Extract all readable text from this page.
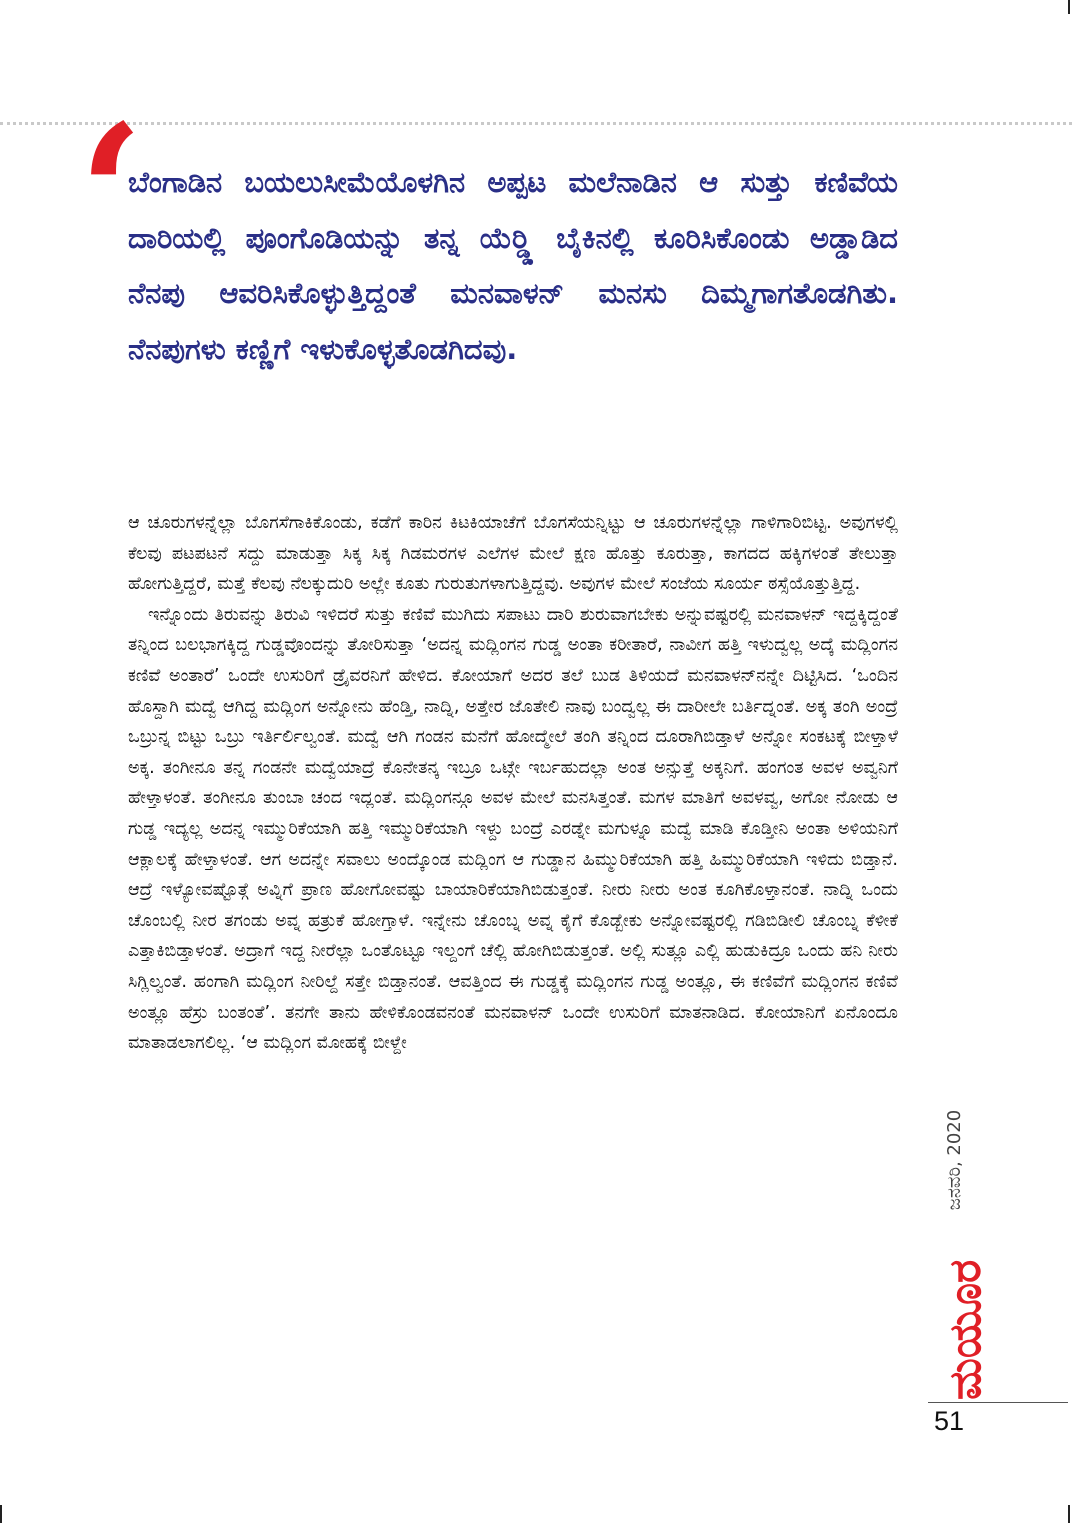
‘

ಬೆಂಗಾಡಿನ ಬಯಲುಸೀಮೆಯೊಳಗಿನ ಅಪ್ಪಟ ಮಲೆನಾಡಿನ ಆ ಸುತ್ತು ಕಣಿವೆಯ ದಾರಿಯಲ್ಲಿ ಪೂಂಗೊಡಿಯನ್ನು ತನ್ನ ಯೆರ್‍ಡ್ಡಿ ಬೈಕಿನಲ್ಲಿ ಕೂರಿಸಿಕೊಂಡು ಅಡ್ಡಾಡಿದ ನೆನಪು ಆವರಿಸಿಕೊಳ್ಳುತ್ತಿದ್ದಂತೆ ಮನವಾಳನ್ ಮನಸು ದಿಮ್ಮಗಾಗತೊಡಗಿತು. ನೆನಪುಗಳು ಕಣ್ಣಿಗೆ ಇಳುಕೊಳ್ಳತೊಡಗಿದವು.

ಆ ಚೂರುಗಳನ್ನೆಲ್ಲಾ ಬೊಗಸೆಗಾಕಿಕೊಂಡು, ಕಡೆಗೆ ಕಾರಿನ ಕಿಟಕಿಯಾಚೆಗೆ ಬೊಗಸೆಯನ್ನಿಟ್ಟು ಆ ಚೂರುಗಳನ್ನೆಲ್ಲಾ ಗಾಳಿಗಾರಿಬಿಟ್ಟ. ಅವುಗಳಲ್ಲಿ ಕೆಲವು ಪಟಪಟನೆ ಸದ್ದು ಮಾಡುತ್ತಾ ಸಿಕ್ಕ ಸಿಕ್ಕ ಗಿಡಮರಗಳ ಎಲೆಗಳ ಮೇಲೆ ಕ್ಷಣ ಹೊತ್ತು ಕೂರುತ್ತಾ, ಕಾಗದದ ಹಕ್ಕಿಗಳಂತೆ ತೇಲುತ್ತಾ ಹೋಗುತ್ತಿದ್ದರೆ, ಮತ್ತೆ ಕೆಲವು ನೆಲಕ್ಕುದುರಿ ಅಲ್ಲೇ ಕೂತು ಗುರುತುಗಳಾಗುತ್ತಿದ್ದವು. ಅವುಗಳ ಮೇಲೆ ಸಂಜೆಯ ಸೂರ್ಯ ಠಸ್ಸೆಯೊತ್ತುತ್ತಿದ್ದ.

ಇನ್ನೊಂದು ತಿರುವನ್ನು ತಿರುವಿ ಇಳಿದರೆ ಸುತ್ತು ಕಣಿವೆ ಮುಗಿದು ಸಪಾಟು ದಾರಿ ಶುರುವಾಗಬೇಕು ಅನ್ನುವಷ್ಟರಲ್ಲಿ ಮನವಾಳನ್ ಇದ್ದಕ್ಕಿದ್ದಂತೆ ತನ್ನಿಂದ ಬಲಭಾಗಕ್ಕಿದ್ದ ಗುಡ್ಡವೊಂದನ್ನು ತೋರಿಸುತ್ತಾ ‘ಅದನ್ನ ಮದ್ಲಿಂಗನ ಗುಡ್ಡ ಅಂತಾ ಕರೀತಾರೆ, ನಾವೀಗ ಹತ್ತಿ ಇಳುದ್ವಲ್ಲ ಅದ್ಕೆ ಮದ್ಲಿಂಗನ ಕಣಿವೆ ಅಂತಾರೆ’ ಒಂದೇ ಉಸುರಿಗೆ ಡ್ರೈವರನಿಗೆ ಹೇಳಿದ. ಕೋಯಾಗೆ ಅದರ ತಲೆ ಬುಡ ತಿಳಿಯದೆ ಮನವಾಳನ್‌ನನ್ನೇ ದಿಟ್ಟಿಸಿದ. ‘ಒಂದಿನ ಹೊಸ್ದಾಗಿ ಮದ್ವೆ ಆಗಿದ್ದ ಮದ್ಲಿಂಗ ಅನ್ನೋನು ಹೆಂಡ್ತಿ, ನಾದ್ನಿ, ಅತ್ತೇರ ಜೊತೇಲಿ ನಾವು ಬಂದ್ವಲ್ಲ ಈ ದಾರೀಲೇ ಬರ್ತಿದ್ನಂತೆ. ಅಕ್ಕ ತಂಗಿ ಅಂದ್ರೆ ಒಬ್ರುನ್ನ ಬಿಟ್ಟು ಒಬ್ರು ಇರ್ತಿರ್ಲಿಲ್ವಂತೆ. ಮದ್ವೆ ಆಗಿ ಗಂಡನ ಮನೆಗೆ ಹೋದ್ಮೇಲೆ ತಂಗಿ ತನ್ನಿಂದ ದೂರಾಗಿಬಿಡ್ತಾಳೆ ಅನ್ನೋ ಸಂಕಟಕ್ಕೆ ಬೀಳ್ತಾಳೆ ಅಕ್ಕ. ತಂಗೀನೂ ತನ್ನ ಗಂಡನೇ ಮದ್ವೆಯಾದ್ರೆ ಕೊನೇತನ್ಕ ಇಬ್ರೂ ಒಟ್ಗೇ ಇರ್ಬಹುದಲ್ಲಾ ಅಂತ ಅನ್ಸುತ್ತೆ ಅಕ್ಕನಿಗೆ. ಹಂಗಂತ ಅವಳ ಅವ್ವನಿಗೆ ಹೇಳ್ತಾಳಂತೆ. ತಂಗೀನೂ ತುಂಬಾ ಚಂದ ಇದ್ಲಂತೆ. ಮದ್ಲಿಂಗನ್ಗೂ ಅವಳ ಮೇಲೆ ಮನಸಿತ್ತಂತೆ. ಮಗಳ ಮಾತಿಗೆ ಅವಳವ್ವ, ಅಗೋ ನೋಡು ಆ ಗುಡ್ಡ ಇದ್ಯಲ್ಲ ಅದನ್ನ ಇಮ್ಮುರಿಕೆಯಾಗಿ ಹತ್ತಿ ಇಮ್ಮುರಿಕೆಯಾಗಿ ಇಳ್ದು ಬಂದ್ರೆ ಎರಡ್ನೇ ಮಗುಳ್ನೂ ಮದ್ವೆ ಮಾಡಿ ಕೊಡ್ತೀನಿ ಅಂತಾ ಅಳಿಯನಿಗೆ ಆಕ್ಲಾಲಕ್ಕೆ ಹೇಳ್ತಾಳಂತೆ. ಆಗ ಅದನ್ನೇ ಸವಾಲು ಅಂದ್ಕೊಂಡ ಮದ್ಲಿಂಗ ಆ ಗುಡ್ಡಾನ ಹಿಮ್ಮುರಿಕೆಯಾಗಿ ಹತ್ತಿ ಹಿಮ್ಮುರಿಕೆಯಾಗಿ ಇಳಿದು ಬಿಡ್ತಾನೆ. ಆದ್ರೆ ಇಳ್ಯೋವಷ್ಟೊತ್ಗೆ ಅವ್ನಿಗೆ ಪ್ರಾಣ ಹೋಗೋವಷ್ಟು ಬಾಯಾರಿಕೆಯಾಗಿಬಿಡುತ್ತಂತೆ. ನೀರು ನೀರು ಅಂತ ಕೂಗಿಕೊಳ್ತಾನಂತೆ. ನಾದ್ನಿ ಒಂದು ಚೊಂಬಲ್ಲಿ ನೀರ ತಗಂಡು ಅವ್ನ ಹತ್ರುಕೆ ಹೋಗ್ತಾಳೆ. ಇನ್ನೇನು ಚೊಂಬ್ನ ಅವ್ನ ಕೈಗೆ ಕೊಡ್ಬೇಕು ಅನ್ನೋವಷ್ಟರಲ್ಲಿ ಗಡಿಬಿಡೀಲಿ ಚೊಂಬ್ನ ಕೆಳೀಕೆ ಎತ್ತಾಕಿಬಿಡ್ತಾಳಂತೆ. ಅದ್ರಾಗೆ ಇದ್ದ ನೀರೆಲ್ಲಾ ಒಂತೊಟ್ಟೂ ಇಲ್ದಂಗೆ ಚೆಲ್ಲಿ ಹೋಗಿಬಿಡುತ್ತಂತೆ. ಅಲ್ಲಿ ಸುತ್ಲೂ ಎಲ್ಲಿ ಹುಡುಕಿದ್ರೂ ಒಂದು ಹನಿ ನೀರು ಸಿಗ್ಲಿಲ್ವಂತೆ. ಹಂಗಾಗಿ ಮದ್ಲಿಂಗ ನೀರಿಲ್ದೆ ಸತ್ತೇ ಬಿಡ್ತಾನಂತೆ. ಆವತ್ತಿಂದ ಈ ಗುಡ್ಡಕ್ಕೆ ಮದ್ಲಿಂಗನ ಗುಡ್ಡ ಅಂತ್ಲೂ, ಈ ಕಣಿವೆಗೆ ಮದ್ಲಿಂಗನ ಕಣಿವೆ ಅಂತ್ಲೂ ಹೆಸ್ರು ಬಂತಂತೆ’. ತನಗೇ ತಾನು ಹೇಳಿಕೊಂಡವನಂತೆ ಮನವಾಳನ್ ಒಂದೇ ಉಸುರಿಗೆ ಮಾತನಾಡಿದ. ಕೋಯಾನಿಗೆ ಏನೊಂದೂ ಮಾತಾಡಲಾಗಲಿಲ್ಲ. ‘ಆ ಮದ್ಲಿಂಗ ಮೋಹಕ್ಕೆ ಬೀಳ್ದೇ

ಜನವರಿ, 2020
ಮಯೂರ
51
